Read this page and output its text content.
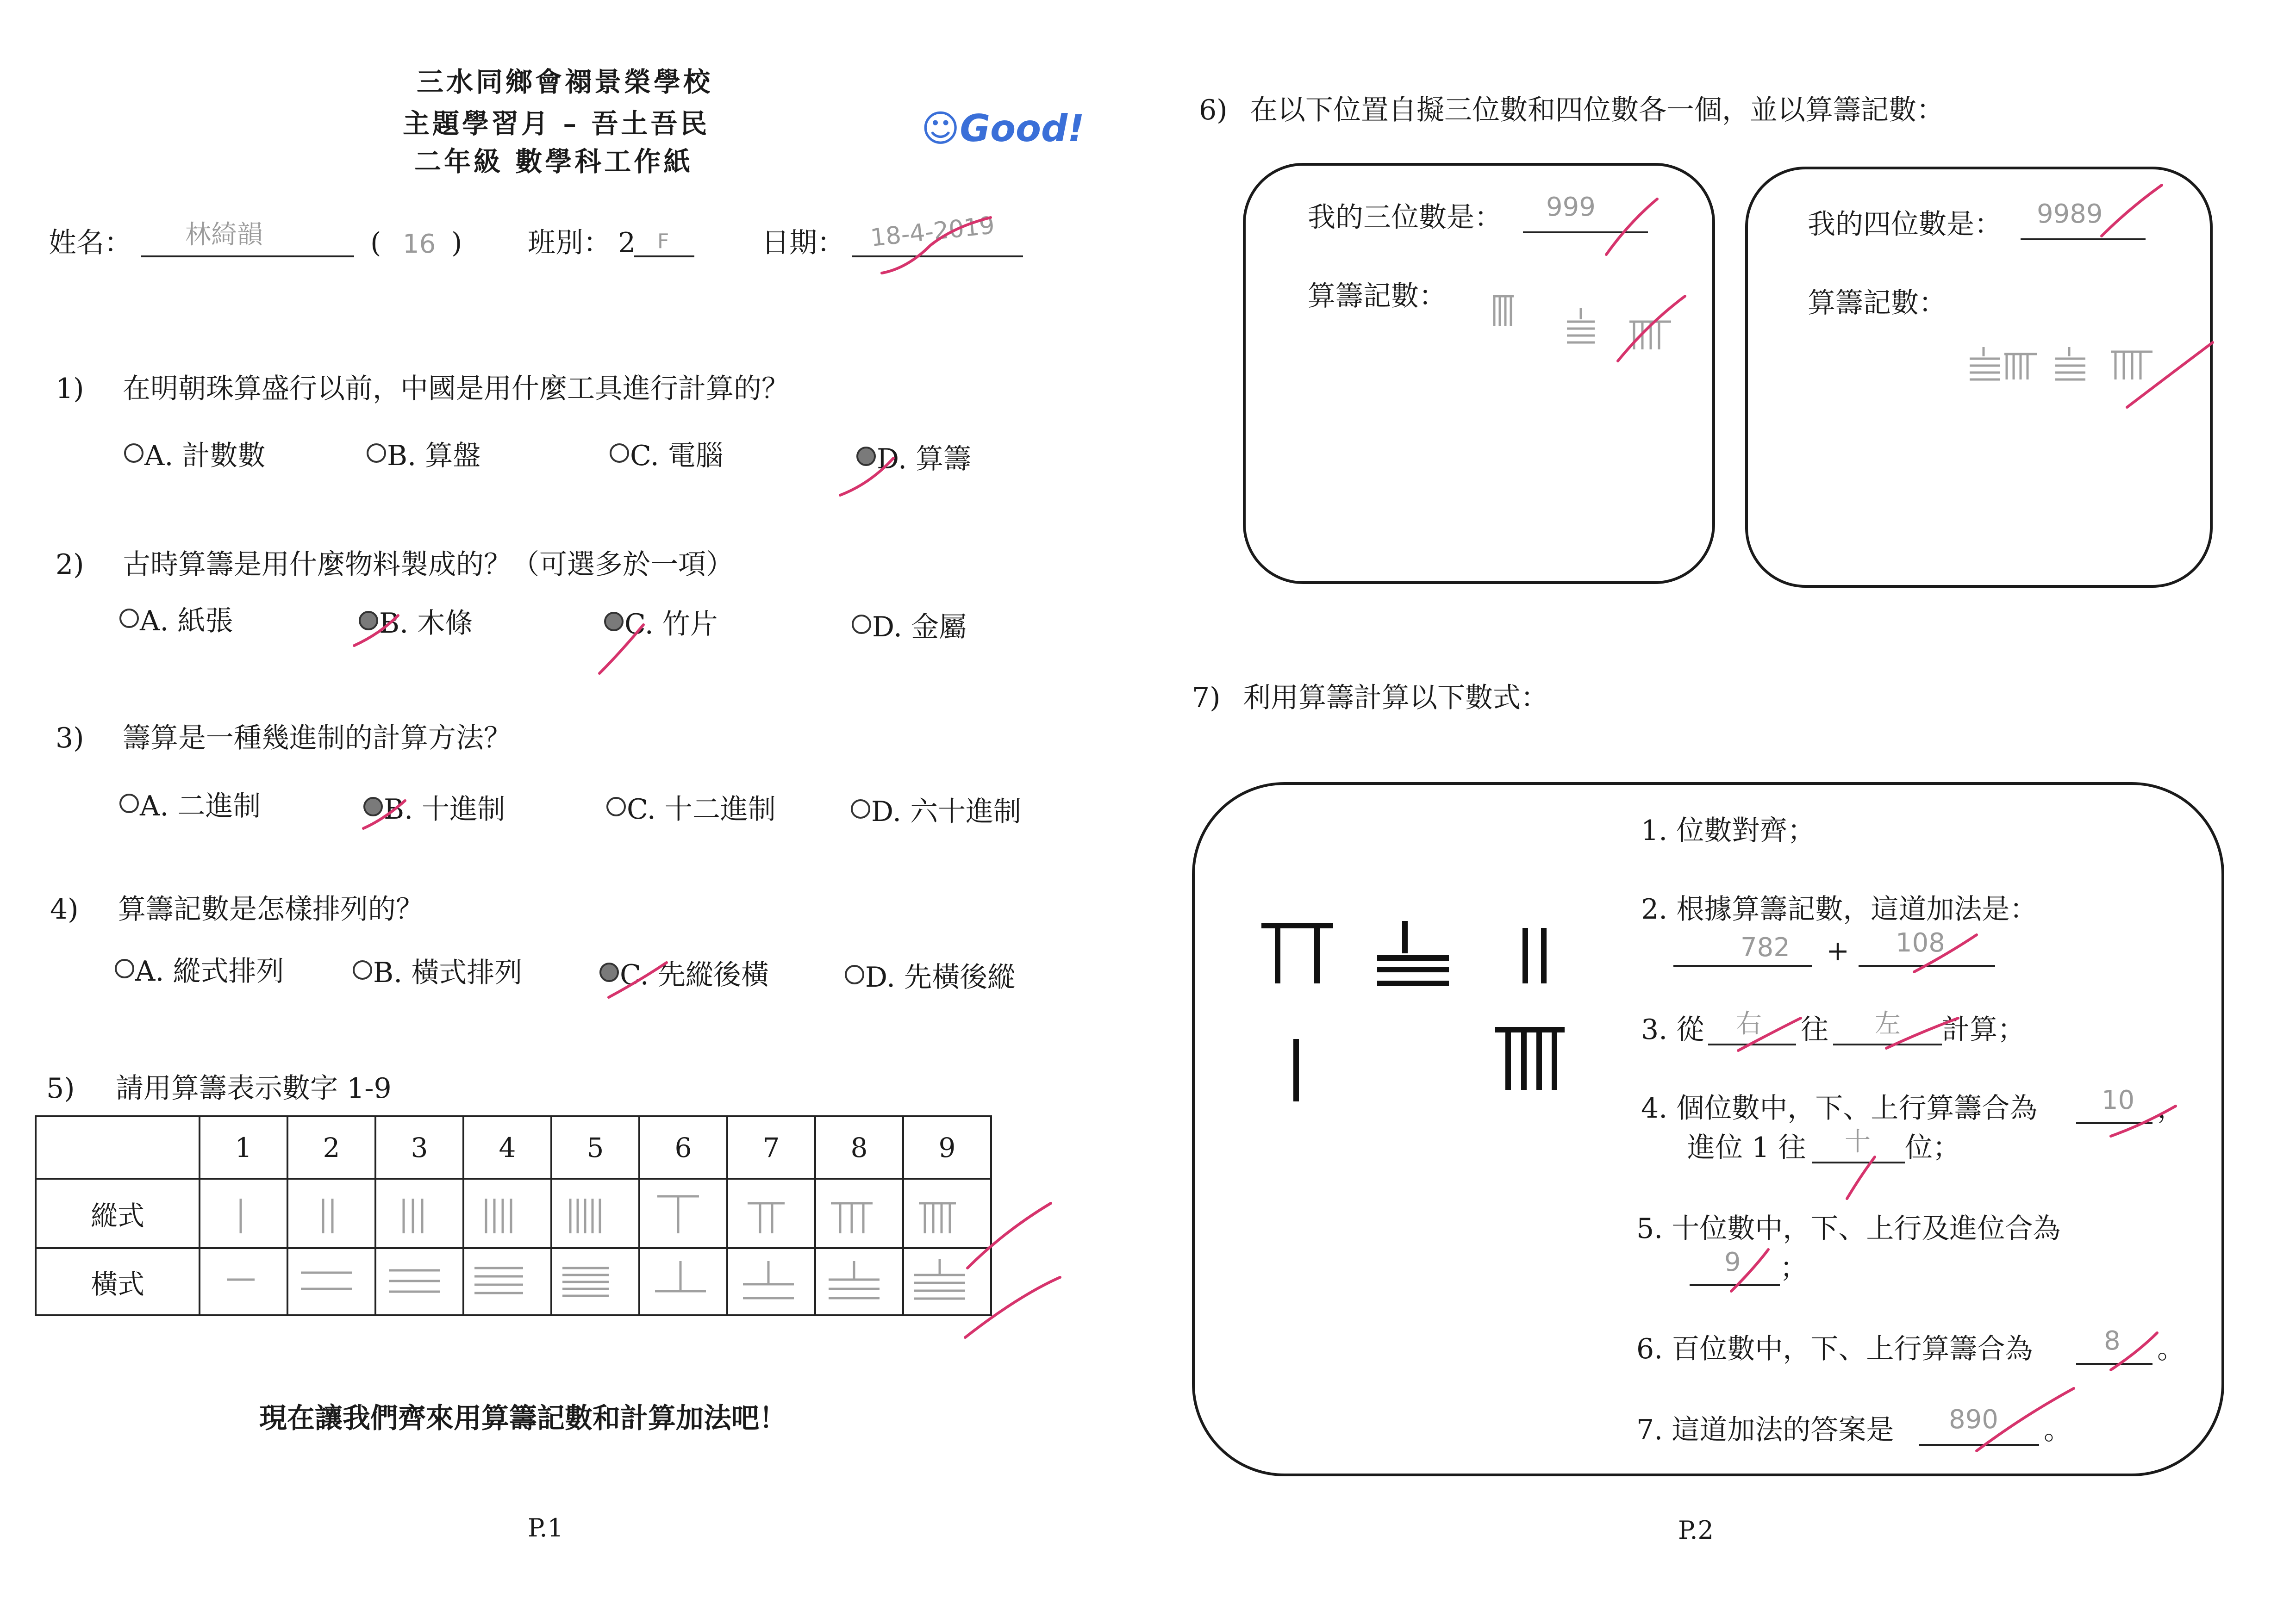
三水同鄉會禤景榮學校
主題學習月 – 吾土吾民
二年級 數學科工作紙
☺Good!
姓名： 林綺韻	( 16 ) 班別： 2 F	日期： 18-4-2019
1) 在明朝珠算盛行以前，中國是用什麼工具進行計算的？
A. 計數數	B. 算盤	C. 電腦	D. 算籌
2) 古時算籌是用什麼物料製成的？（可選多於一項）
A. 紙張	B. 木條	C. 竹片	D. 金屬
3) 籌算是一種幾進制的計算方法？
A. 二進制	B. 十進制	C. 十二進制	D. 六十進制
4) 算籌記數是怎樣排列的？
A. 縱式排列	B. 橫式排列	C. 先縱後橫	D. 先橫後縱
5) 請用算籌表示數字 1-9
	1	2	3	4	5	6	7	8	9
縱式									
橫式									
現在讓我們齊來用算籌記數和計算加法吧！
P.1
6) 在以下位置自擬三位數和四位數各一個，並以算籌記數：
我的三位數是： 999
算籌記數：
我的四位數是： 9989
算籌記數：
7) 利用算籌計算以下數式：
1. 位數對齊；
2. 根據算籌記數，這道加法是：
782 + 108
3. 從 右 往 左 計算；
4. 個位數中，下、上行算籌合為 10 ，
進位 1 往 十 位；
5. 十位數中，下、上行及進位合為
9 ；
6. 百位數中，下、上行算籌合為	8 。
7. 這道加法的答案是 890 。
P.2
